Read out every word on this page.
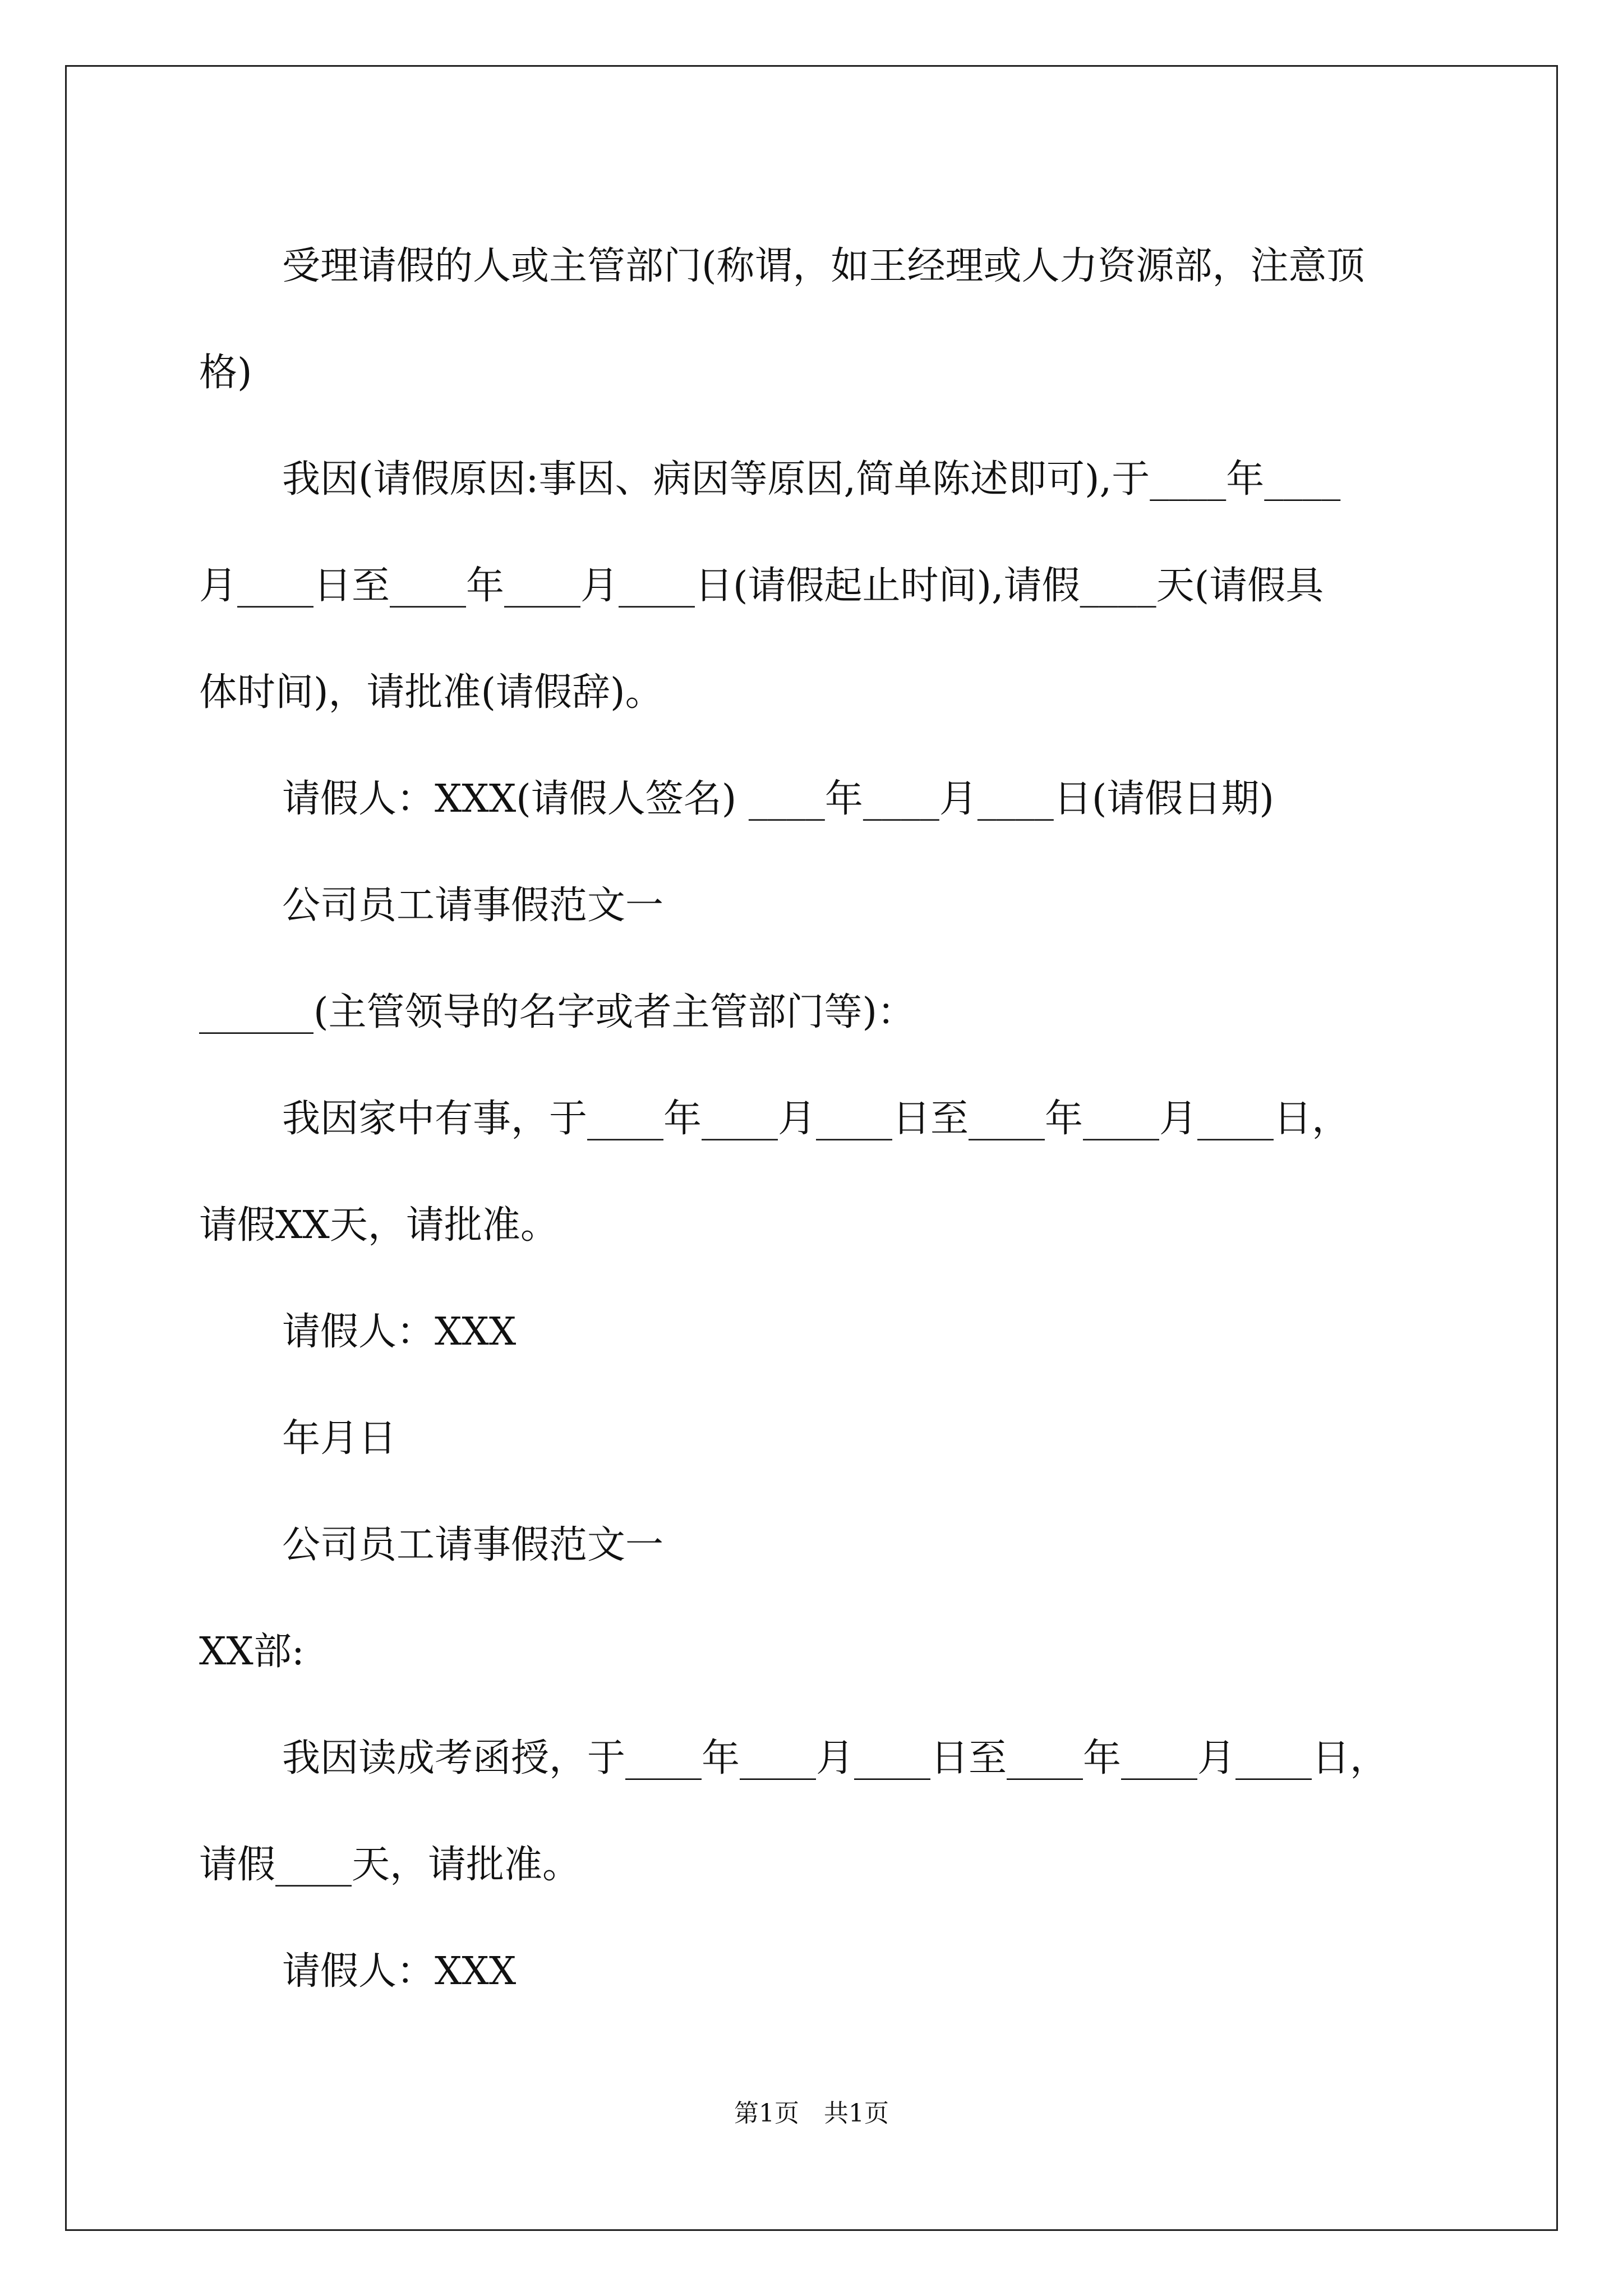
受理请假的人或主管部门(称谓，如王经理或人力资源部，注意顶
格)
我因(请假原因:事因、病因等原因,简单陈述即可),于____年____
月____日至____年____月____日(请假起止时间),请假____天(请假具
体时间)，请批准(请假辞)。
请假人：XXX(请假人签名) ____年____月____日(请假日期)
公司员工请事假范文一
______(主管领导的名字或者主管部门等)：
我因家中有事，于____年____月____日至____年____月____日，
请假XX天，请批准。
请假人：XXX
年月日
公司员工请事假范文一
XX部:
我因读成考函授，于____年____月____日至____年____月____日，
请假____天，请批准。
请假人：XXX
第1页　共1页
